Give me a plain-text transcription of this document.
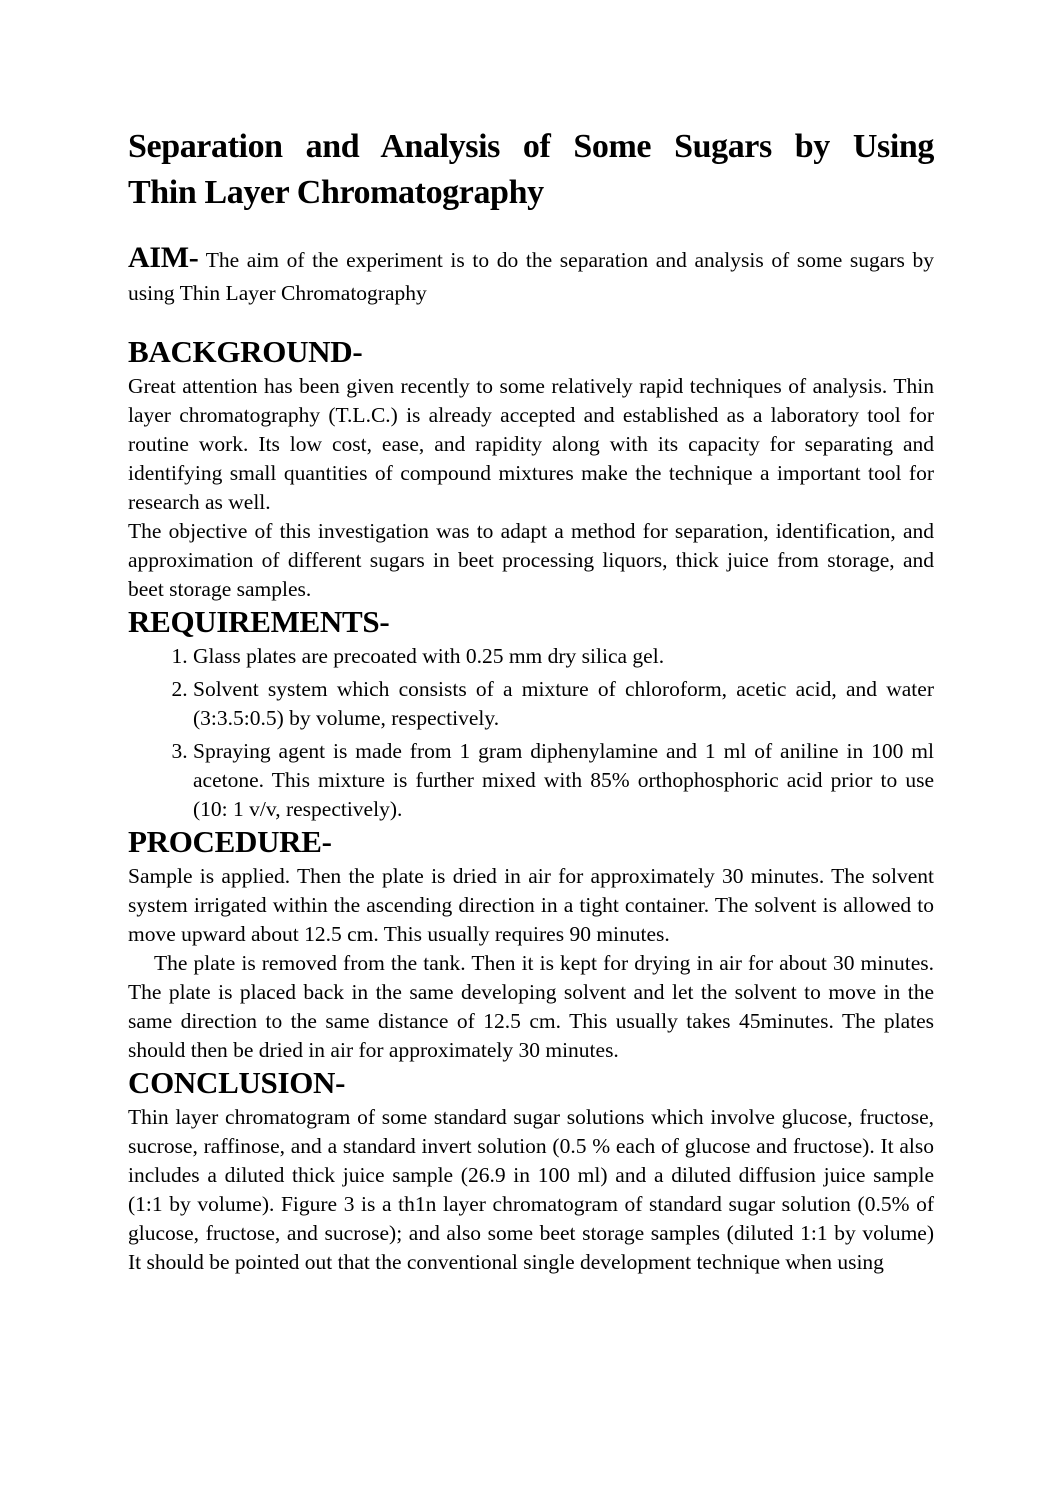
Separation and Analysis of Some Sugars by Using
Thin Layer Chromatography

AIM- The aim of the experiment is to do the separation and analysis of some sugars by using Thin Layer Chromatography

BACKGROUND-

Great attention has been given recently to some relatively rapid techniques of analysis. Thin layer chromatography (T.L.C.) is already accepted and established as a laboratory tool for routine work. Its low cost, ease, and rapidity along with its capacity for separating and identifying small quantities of compound mixtures make the technique a important tool for research as well.

The objective of this investigation was to adapt a method for separation, identification, and approximation of different sugars in beet processing liquors, thick juice from storage, and beet storage samples.

REQUIREMENTS-
1. Glass plates are precoated with 0.25 mm dry silica gel.
2. Solvent system which consists of a mixture of chloroform, acetic acid, and water (3:3.5:0.5) by volume, respectively.
3. Spraying agent is made from 1 gram diphenylamine and 1 ml of aniline in 100 ml acetone. This mixture is further mixed with 85% orthophosphoric acid prior to use (10: 1 v/v, respectively).
PROCEDURE-

Sample is applied. Then the plate is dried in air for approximately 30 minutes. The solvent system irrigated within the ascending direction in a tight container. The solvent is allowed to move upward about 12.5 cm. This usually requires 90 minutes.

The plate is removed from the tank. Then it is kept for drying in air for about 30 minutes. The plate is placed back in the same developing solvent and let the solvent to move in the same direction to the same distance of 12.5 cm. This usually takes 45minutes. The plates should then be dried in air for approximately 30 minutes.

CONCLUSION-

Thin layer chromatogram of some standard sugar solutions which involve glucose, fructose, sucrose, raffinose, and a standard invert solution (0.5 % each of glucose and fructose). It also includes a diluted thick juice sample (26.9 in 100 ml) and a diluted diffusion juice sample (1:1 by volume). Figure 3 is a th1n layer chromatogram of standard sugar solution (0.5% of glucose, fructose, and sucrose); and also some beet storage samples (diluted 1:1 by volume) It should be pointed out that the conventional single development technique when using
